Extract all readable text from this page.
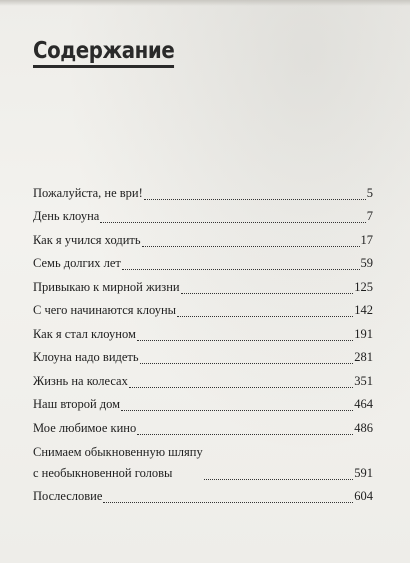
Содержание
Пожалуйста, не ври!	5
День клоуна	7
Как я учился ходить	17
Семь долгих лет	59
Привыкаю к мирной жизни	125
С чего начинаются клоуны	142
Как я стал клоуном	191
Клоуна надо видеть	281
Жизнь на колесах	351
Наш второй дом	464
Мое любимое кино	486
Снимаем обыкновенную шляпу
с необыкновенной головы	591
Послесловие	604
